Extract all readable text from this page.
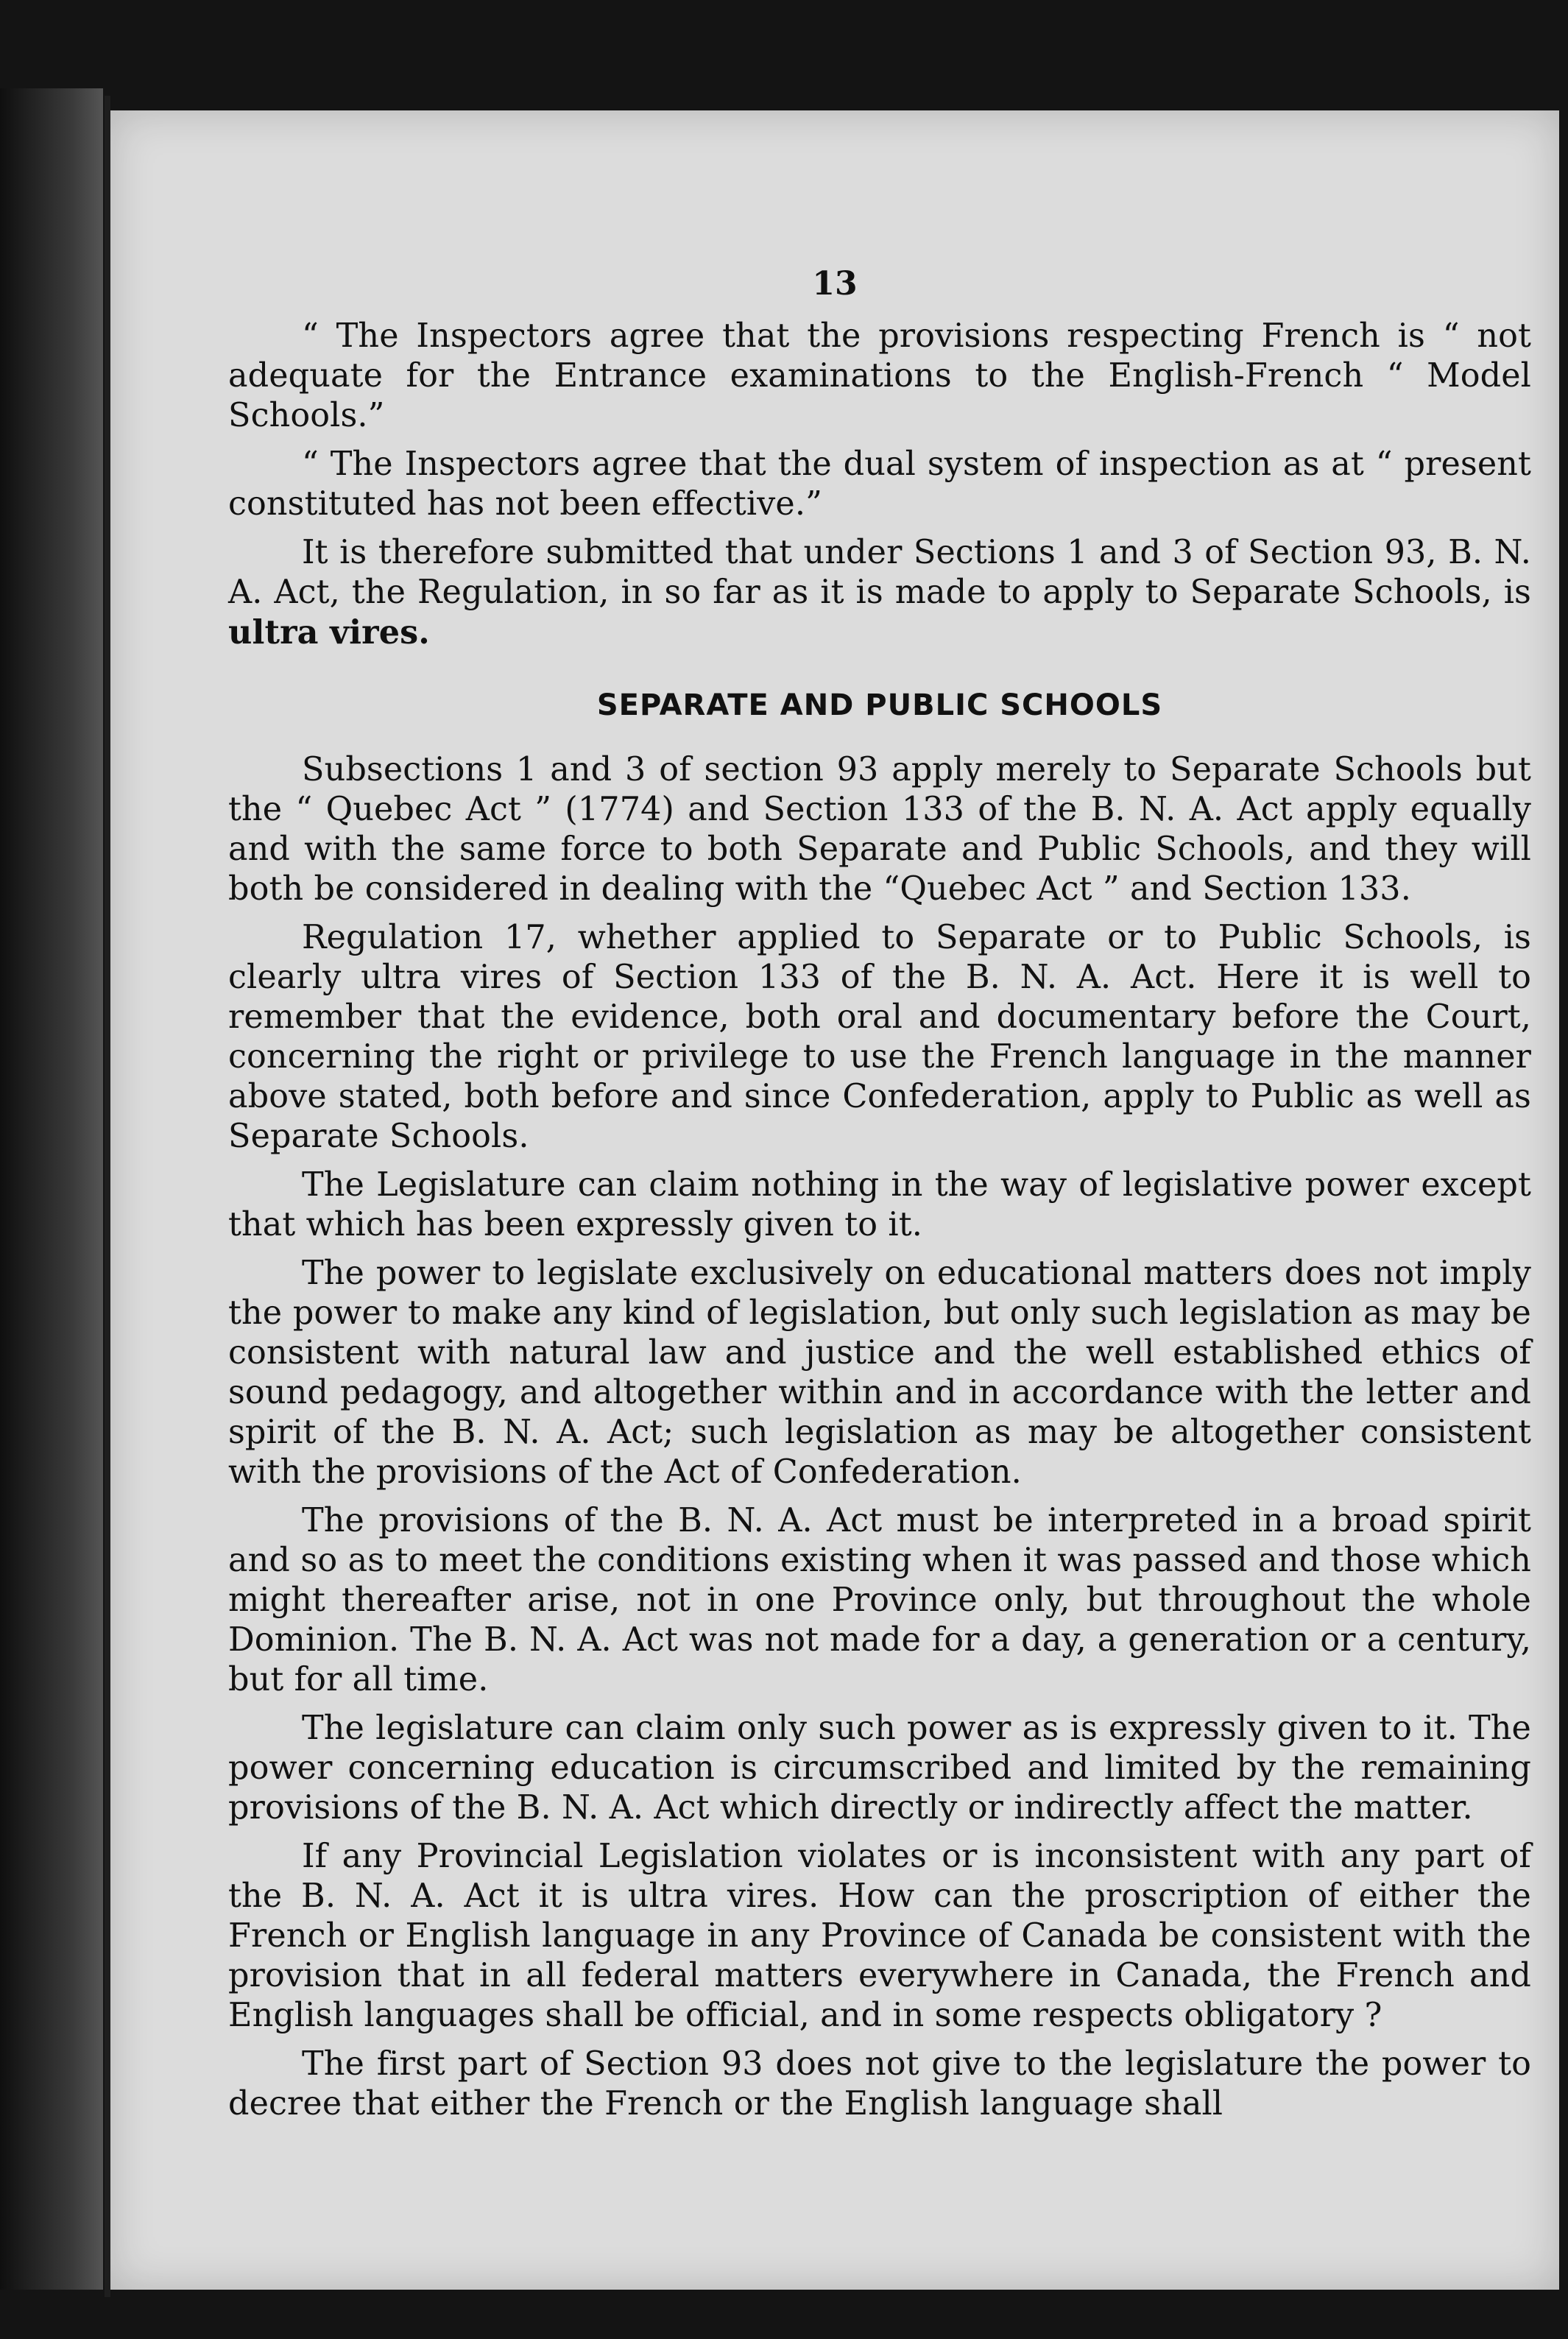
13

“ The Inspectors agree that the provisions respecting French is “ not adequate for the Entrance examinations to the English-French “ Model Schools.”

“ The Inspectors agree that the dual system of inspection as at “ present constituted has not been effective.”

It is therefore submitted that under Sections 1 and 3 of Section 93, B. N. A. Act, the Regulation, in so far as it is made to apply to Separate Schools, is ultra vires.

SEPARATE AND PUBLIC SCHOOLS

Subsections 1 and 3 of section 93 apply merely to Separate Schools but the “ Quebec Act ” (1774) and Section 133 of the B. N. A. Act apply equally and with the same force to both Separate and Public Schools, and they will both be considered in dealing with the “Quebec Act ” and Section 133.

Regulation 17, whether applied to Separate or to Public Schools, is clearly ultra vires of Section 133 of the B. N. A. Act. Here it is well to remember that the evidence, both oral and documentary before the Court, concerning the right or privilege to use the French language in the manner above stated, both before and since Confederation, apply to Public as well as Separate Schools.

The Legislature can claim nothing in the way of legislative power except that which has been expressly given to it.

The power to legislate exclusively on educational matters does not imply the power to make any kind of legislation, but only such legislation as may be consistent with natural law and justice and the well established ethics of sound pedagogy, and altogether within and in accordance with the letter and spirit of the B. N. A. Act; such legislation as may be altogether consistent with the provisions of the Act of Confederation.

The provisions of the B. N. A. Act must be interpreted in a broad spirit and so as to meet the conditions existing when it was passed and those which might thereafter arise, not in one Province only, but throughout the whole Dominion. The B. N. A. Act was not made for a day, a generation or a century, but for all time.

The legislature can claim only such power as is expressly given to it. The power concerning education is circumscribed and limited by the remaining provisions of the B. N. A. Act which directly or indirectly affect the matter.

If any Provincial Legislation violates or is inconsistent with any part of the B. N. A. Act it is ultra vires. How can the proscription of either the French or English language in any Province of Canada be consistent with the provision that in all federal matters everywhere in Canada, the French and English languages shall be official, and in some respects obligatory ?

The first part of Section 93 does not give to the legislature the power to decree that either the French or the English language shall
